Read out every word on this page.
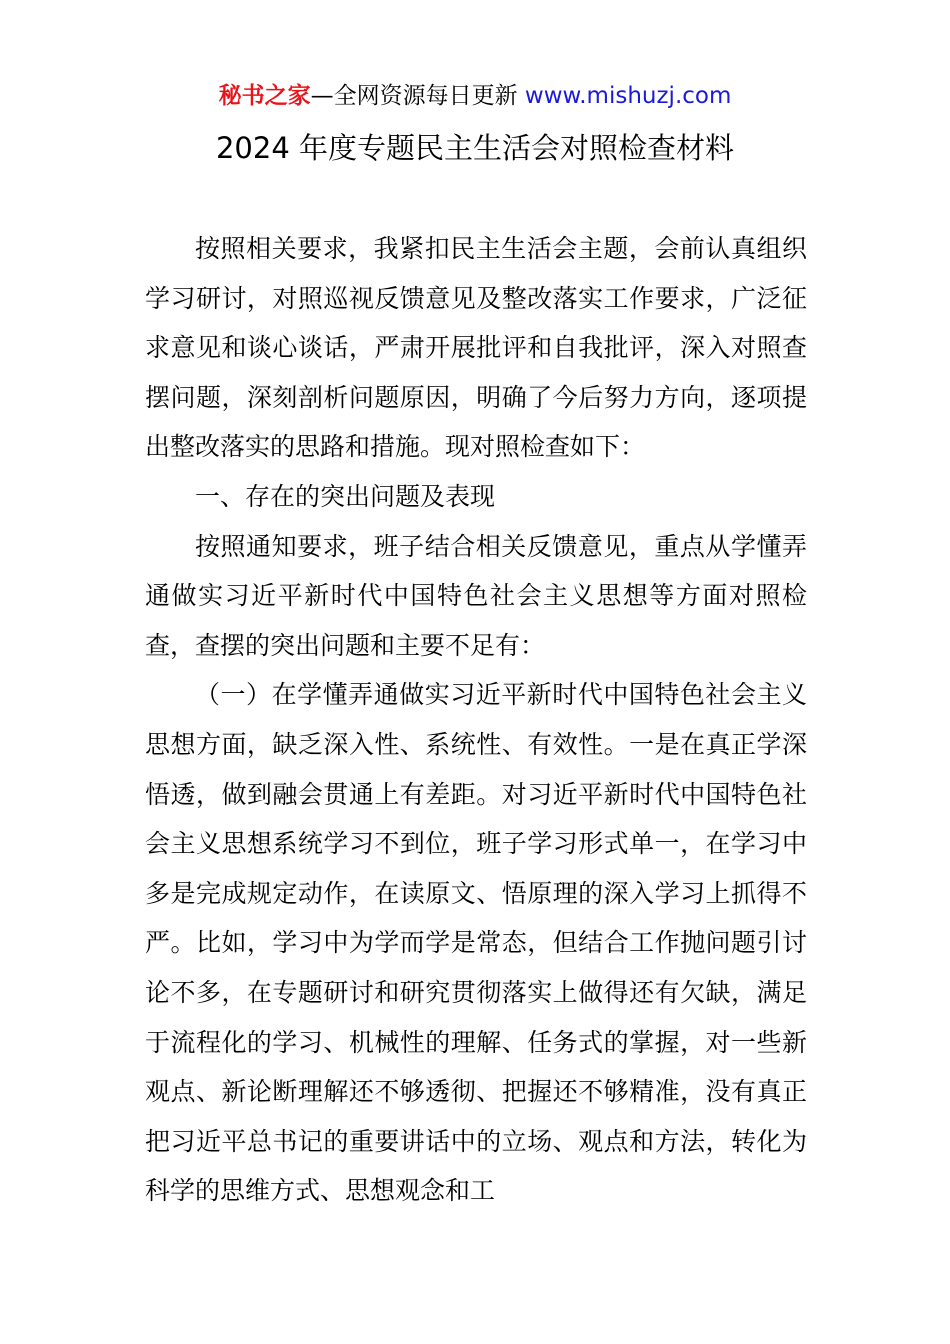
秘书之家—全网资源每日更新 www.mishuzj.com
2024 年度专题民主生活会对照检查材料

按照相关要求，我紧扣民主生活会主题，会前认真组织学习研讨，对照巡视反馈意见及整改落实工作要求，广泛征求意见和谈心谈话，严肃开展批评和自我批评，深入对照查摆问题，深刻剖析问题原因，明确了今后努力方向，逐项提出整改落实的思路和措施。现对照检查如下：

一、存在的突出问题及表现

按照通知要求，班子结合相关反馈意见，重点从学懂弄通做实习近平新时代中国特色社会主义思想等方面对照检查，查摆的突出问题和主要不足有：

（一）在学懂弄通做实习近平新时代中国特色社会主义思想方面，缺乏深入性、系统性、有效性。一是在真正学深悟透，做到融会贯通上有差距。对习近平新时代中国特色社会主义思想系统学习不到位，班子学习形式单一，在学习中多是完成规定动作，在读原文、悟原理的深入学习上抓得不严。比如，学习中为学而学是常态，但结合工作抛问题引讨论不多，在专题研讨和研究贯彻落实上做得还有欠缺，满足于流程化的学习、机械性的理解、任务式的掌握，对一些新观点、新论断理解还不够透彻、把握还不够精准，没有真正把习近平总书记的重要讲话中的立场、观点和方法，转化为科学的思维方式、思想观念和工
